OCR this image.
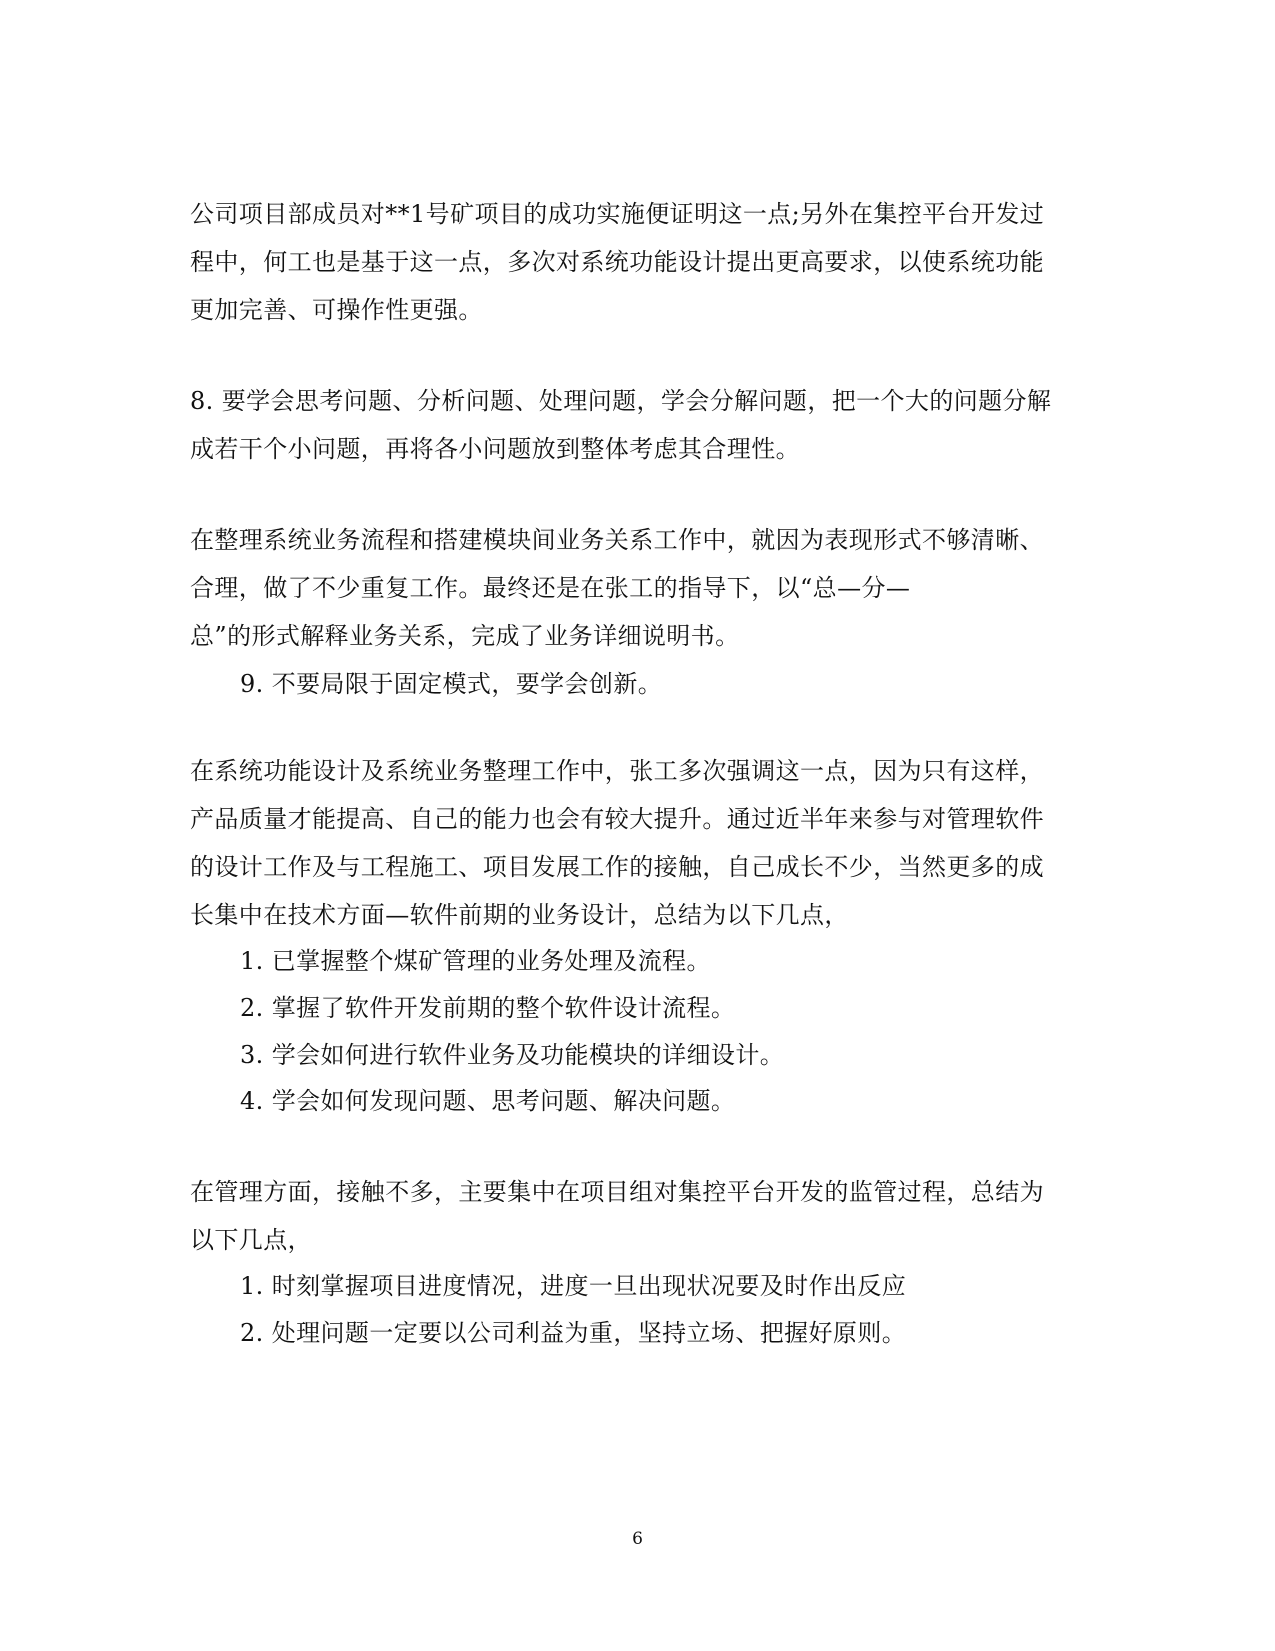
公司项目部成员对**1号矿项目的成功实施便证明这一点;另外在集控平台开发过
程中，何工也是基于这一点，多次对系统功能设计提出更高要求，以使系统功能
更加完善、可操作性更强。
8. 要学会思考问题、分析问题、处理问题，学会分解问题，把一个大的问题分解
成若干个小问题，再将各小问题放到整体考虑其合理性。
在整理系统业务流程和搭建模块间业务关系工作中，就因为表现形式不够清晰、
合理，做了不少重复工作。最终还是在张工的指导下，以“总—分—
总”的形式解释业务关系，完成了业务详细说明书。
9. 不要局限于固定模式，要学会创新。
在系统功能设计及系统业务整理工作中，张工多次强调这一点，因为只有这样，
产品质量才能提高、自己的能力也会有较大提升。通过近半年来参与对管理软件
的设计工作及与工程施工、项目发展工作的接触，自己成长不少，当然更多的成
长集中在技术方面—软件前期的业务设计，总结为以下几点，
1. 已掌握整个煤矿管理的业务处理及流程。
2. 掌握了软件开发前期的整个软件设计流程。
3. 学会如何进行软件业务及功能模块的详细设计。
4. 学会如何发现问题、思考问题、解决问题。
在管理方面，接触不多，主要集中在项目组对集控平台开发的监管过程，总结为
以下几点，
1. 时刻掌握项目进度情况，进度一旦出现状况要及时作出反应
2. 处理问题一定要以公司利益为重，坚持立场、把握好原则。
6
